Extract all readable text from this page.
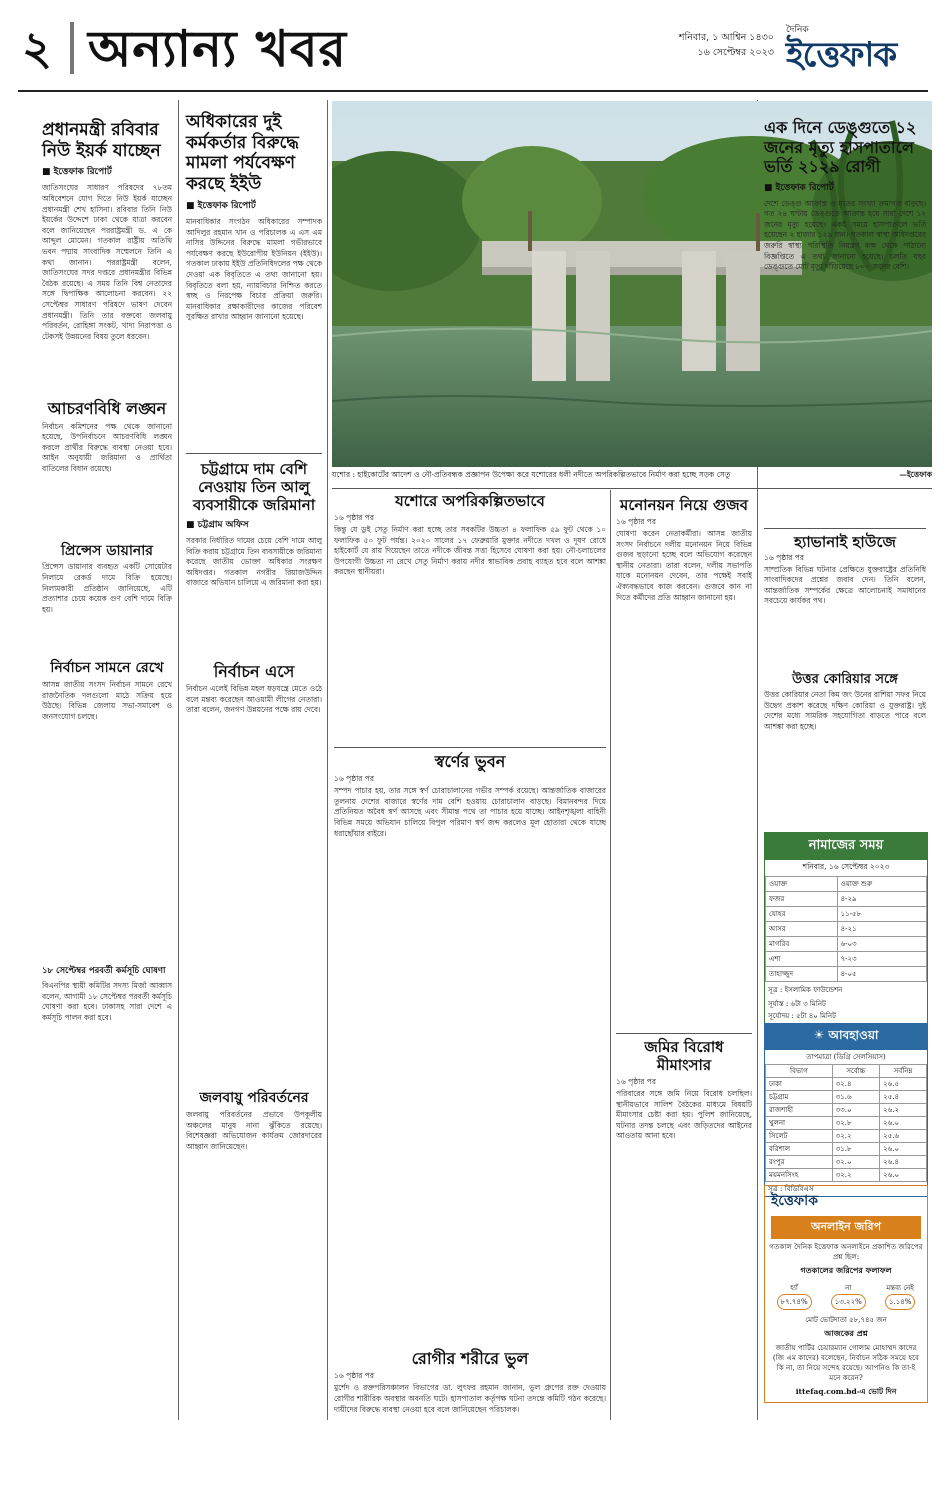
২ অন্যান্য খবর	শনিবার, ১ আশ্বিন ১৪৩০
১৬ সেপ্টেম্বর ২০২৩
দৈনিক
ইত্তেফাক
প্রধানমন্ত্রী রবিবার নিউ ইয়র্ক যাচ্ছেন
■ ইত্তেফাক রিপোর্ট
জাতিসংঘের সাধারণ পরিষদের ৭৮তম অধিবেশনে যোগ দিতে নিউ ইয়র্ক যাচ্ছেন প্রধানমন্ত্রী শেখ হাসিনা। রবিবার তিনি নিউ ইয়র্কের উদ্দেশে ঢাকা থেকে যাত্রা করবেন বলে জানিয়েছেন পররাষ্ট্রমন্ত্রী ড. এ কে আব্দুল মোমেন। গতকাল রাষ্ট্রীয় অতিথি ভবন পদ্মায় সাংবাদিক সম্মেলনে তিনি এ কথা জানান। পররাষ্ট্রমন্ত্রী বলেন, জাতিসংঘের সদর দপ্তরে প্রধানমন্ত্রীর বিভিন্ন বৈঠক রয়েছে। এ সময় তিনি বিশ্ব নেতাদের সঙ্গে দ্বিপাক্ষিক আলোচনা করবেন। ২২ সেপ্টেম্বর সাধারণ পরিষদে ভাষণ দেবেন প্রধানমন্ত্রী। তিনি তার বক্তব্যে জলবায়ু পরিবর্তন, রোহিঙ্গা সংকট, খাদ্য নিরাপত্তা ও টেকসই উন্নয়নের বিষয় তুলে ধরবেন।
আচরণবিধি লঙ্ঘন
নির্বাচন কমিশনের পক্ষ থেকে জানানো হয়েছে, উপনির্বাচনে আচরণবিধি লঙ্ঘন করলে প্রার্থীর বিরুদ্ধে ব্যবস্থা নেওয়া হবে। আইন অনুযায়ী জরিমানা ও প্রার্থিতা বাতিলের বিধান রয়েছে।
প্রিন্সেস ডায়ানার
প্রিন্সেস ডায়ানার ব্যবহৃত একটি সোয়েটার নিলামে রেকর্ড দামে বিক্রি হয়েছে। নিলামকারী প্রতিষ্ঠান জানিয়েছে, এটি প্রত্যাশার চেয়ে কয়েক গুণ বেশি দামে বিক্রি হয়।
নির্বাচন সামনে রেখে
আসন্ন জাতীয় সংসদ নির্বাচন সামনে রেখে রাজনৈতিক দলগুলো মাঠে সক্রিয় হয়ে উঠছে। বিভিন্ন জেলায় সভা-সমাবেশ ও জনসংযোগ চলছে।
১৮ সেপ্টেম্বর পরবর্তী কর্মসূচি ঘোষণা
বিএনপির স্থায়ী কমিটির সদস্য মির্জা আব্বাস বলেন, আগামী ১৮ সেপ্টেম্বর পরবর্তী কর্মসূচি ঘোষণা করা হবে। ঢাকাসহ সারা দেশে এ কর্মসূচি পালন করা হবে।
অধিকারের দুই কর্মকর্তার বিরুদ্ধে মামলা পর্যবেক্ষণ করছে ইইউ
■ ইত্তেফাক রিপোর্ট
মানবাধিকার সংগঠন অধিকারের সম্পাদক আদিলুর রহমান খান ও পরিচালক এ এস এম নাসির উদ্দিনের বিরুদ্ধে মামলা গভীরভাবে পর্যবেক্ষণ করছে ইউরোপীয় ইউনিয়ন (ইইউ)। গতকাল ঢাকায় ইইউ প্রতিনিধিদলের পক্ষ থেকে দেওয়া এক বিবৃতিতে এ তথ্য জানানো হয়। বিবৃতিতে বলা হয়, ন্যায়বিচার নিশ্চিত করতে স্বচ্ছ ও নিরপেক্ষ বিচার প্রক্রিয়া জরুরি। মানবাধিকার রক্ষাকারীদের কাজের পরিবেশ সুরক্ষিত রাখার আহ্বান জানানো হয়েছে।
চট্টগ্রামে দাম বেশি নেওয়ায় তিন আলু ব্যবসায়ীকে জরিমানা
■ চট্টগ্রাম অফিস
সরকার নির্ধারিত দামের চেয়ে বেশি দামে আলু বিক্রি করায় চট্টগ্রামে তিন ব্যবসায়ীকে জরিমানা করেছে জাতীয় ভোক্তা অধিকার সংরক্ষণ অধিদপ্তর। গতকাল নগরীর রিয়াজউদ্দিন বাজারে অভিযান চালিয়ে এ জরিমানা করা হয়।
নির্বাচন এসে
নির্বাচন এলেই বিভিন্ন মহল ষড়যন্ত্রে মেতে ওঠে বলে মন্তব্য করেছেন আওয়ামী লীগের নেতারা। তারা বলেন, জনগণ উন্নয়নের পক্ষে রায় দেবে।
জলবায়ু পরিবর্তনের
জলবায়ু পরিবর্তনের প্রভাবে উপকূলীয় অঞ্চলের মানুষ নানা ঝুঁকিতে রয়েছে। বিশেষজ্ঞরা অভিযোজন কার্যক্রম জোরদারের আহ্বান জানিয়েছেন।
—ইত্তেফাক
যশোর : হাইকোর্টের আদেশ ও নৌ-প্রতিবন্ধক প্রজ্ঞাপন উপেক্ষা করে যশোরের ধলী নদীতে অপরিকল্পিতভাবে নির্মাণ করা হচ্ছে সড়ক সেতু
যশোরে অপরিকল্পিতভাবে
১৬ পৃষ্ঠার পর
কিন্তু যে ডুই সেতু নির্মাণ করা হচ্ছে তার সবকটির উচ্চতা ৪ ফলাফিক ৫৯ ফুট থেকে ১০ ফলাফিক ৫০ ফুট পর্যন্ত। ২০২০ সালের ১৭ ফেব্রুয়ারি মুক্তার নদীতে দখল ও দূষণ রোধে হাইকোর্ট যে রায় দিয়েছেন তাতে নদীকে জীবন্ত সত্তা হিসেবে ঘোষণা করা হয়। নৌ-চলাচলের উপযোগী উচ্চতা না রেখে সেতু নির্মাণ করায় নদীর স্বাভাবিক প্রবাহ ব্যাহত হবে বলে আশঙ্কা করছেন স্থানীয়রা।
স্বর্ণের ভুবন
১৬ পৃষ্ঠার পর
সম্পদ পাচার হয়, তার সঙ্গে স্বর্ণ চোরাচালানের গভীর সম্পর্ক রয়েছে। আন্তর্জাতিক বাজারের তুলনায় দেশের বাজারে স্বর্ণের দাম বেশি হওয়ায় চোরাচালান বাড়ছে। বিমানবন্দর দিয়ে প্রতিনিয়ত অবৈধ স্বর্ণ আসছে এবং সীমান্ত পথে তা পাচার হয়ে যাচ্ছে। আইনশৃঙ্খলা বাহিনী বিভিন্ন সময়ে অভিযান চালিয়ে বিপুল পরিমাণ স্বর্ণ জব্দ করলেও মূল হোতারা থেকে যাচ্ছে ধরাছোঁয়ার বাইরে।
রোগীর শরীরে ভুল
১৬ পৃষ্ঠার পর
মুর্শেদ ও রক্তপরিসঞ্চালন বিভাগের ডা. লুৎফর রহমান জানান, ভুল গ্রুপের রক্ত দেওয়ায় রোগীর শারীরিক অবস্থার অবনতি ঘটে। হাসপাতাল কর্তৃপক্ষ ঘটনা তদন্তে কমিটি গঠন করেছে। দায়ীদের বিরুদ্ধে ব্যবস্থা নেওয়া হবে বলে জানিয়েছেন পরিচালক।
মনোনয়ন নিয়ে গুজব
১৬ পৃষ্ঠার পর
ঘোষণা করেন নেতাকর্মীরা। আসন্ন জাতীয় সংসদ নির্বাচনে দলীয় মনোনয়ন নিয়ে বিভিন্ন গুজব ছড়ানো হচ্ছে বলে অভিযোগ করেছেন স্থানীয় নেতারা। তারা বলেন, দলীয় সভাপতি যাকে মনোনয়ন দেবেন, তার পক্ষেই সবাই ঐক্যবদ্ধভাবে কাজ করবেন। গুজবে কান না দিতে কর্মীদের প্রতি আহ্বান জানানো হয়।
জমির বিরোধ মীমাংসার
১৬ পৃষ্ঠার পর
পরিবারের সঙ্গে জমি নিয়ে বিরোধ চলছিল। স্থানীয়ভাবে সালিশ বৈঠকের মাধ্যমে বিষয়টি মীমাংসার চেষ্টা করা হয়। পুলিশ জানিয়েছে, ঘটনার তদন্ত চলছে এবং জড়িতদের আইনের আওতায় আনা হবে।
এক দিনে ডেঙ্গুতে ১২ জনের মৃত্যু হাসপাতালে ভর্তি ২১২৯ রোগী
■ ইত্তেফাক রিপোর্ট
দেশে ডেঙ্গু আক্রান্ত ও মৃতের সংখ্যা ক্রমাগত বাড়ছে। গত ২৪ ঘণ্টায় ডেঙ্গুতে আক্রান্ত হয়ে সারা দেশে ১২ জনের মৃত্যু হয়েছে। একই সময়ে হাসপাতালে ভর্তি হয়েছেন ২ হাজার ১২৯ জন। গতকাল স্বাস্থ্য অধিদপ্তরের জরুরি স্বাস্থ্য পরিস্থিতি নিয়ন্ত্রণ কক্ষ থেকে পাঠানো বিজ্ঞপ্তিতে এ তথ্য জানানো হয়েছে। চলতি বছর ডেঙ্গুতে মোট মৃত্যু দাঁড়িয়েছে ৮০০ জনের বেশি।
হ্যাভানাই হাউজে
১৬ পৃষ্ঠার পর
সাম্প্রতিক বিভিন্ন ঘটনার প্রেক্ষিতে যুক্তরাষ্ট্রের প্রতিনিধি সাংবাদিকদের প্রশ্নের জবাব দেন। তিনি বলেন, আন্তর্জাতিক সম্পর্কের ক্ষেত্রে আলোচনাই সমাধানের সবচেয়ে কার্যকর পথ।
উত্তর কোরিয়ার সঙ্গে
উত্তর কোরিয়ার নেতা কিম জং উনের রাশিয়া সফর নিয়ে উদ্বেগ প্রকাশ করেছে দক্ষিণ কোরিয়া ও যুক্তরাষ্ট্র। দুই দেশের মধ্যে সামরিক সহযোগিতা বাড়তে পারে বলে আশঙ্কা করা হচ্ছে।
নামাজের সময়
শনিবার, ১৬ সেপ্টেম্বর ২০২৩
ওয়াক্ত	ওয়াক্ত শুরু
ফজর	৪-২৯
যোহর	১১-৫৮
আসর	৪-২১
মাগরিব	৬-০৩
এশা	৭-২৩
তাহাজ্জুদ	৪-০৫
সূত্র : ইসলামিক ফাউন্ডেশন
সূর্যাস্ত : ৬টা ৩ মিনিট
সূর্যোদয় : ৫টা ৪০ মিনিট
☀ আবহাওয়া
তাপমাত্রা (ডিগ্রি সেলসিয়াস)
বিভাগ	সর্বোচ্চ	সর্বনিম্ন
ঢাকা	৩২.৪	২৬.৫
চট্টগ্রাম	৩১.৬	২৫.৪
রাজশাহী	৩৩.০	২৬.২
খুলনা	৩২.৮	২৬.০
সিলেট	৩২.২	২৫.৬
বরিশাল	৩১.৮	২৬.০
রংপুর	৩২.০	২৬.৪
ময়মনসিংহ	৩২.২	২৬.০
সূত্র : বিডিবিএস
ইত্তেফাক
অনলাইন জরিপ
গতকাল দৈনিক ইত্তেফাক অনলাইনে প্রকাশিত জরিপের প্রশ্ন ছিল:
গতকালের জরিপের ফলাফল
হ্যাঁ
৮৭.৭৪%
না
১৩.২২%
মন্তব্য নেই
১.১৪%
মোট ভোটদাতা ৫৮,৭৪৫ জন
আজকের প্রশ্ন
জাতীয় পার্টির চেয়ারম্যান গোলাম মোহাম্মদ কাদের (জি এম কাদের) বলেছেন, নির্বাচন সঠিক সময়ে হবে কি না, তা নিয়ে সন্দেহ রয়েছে। আপনিও কি তা-ই মনে করেন?
ittefaq.com.bd-এ ভোট দিন
